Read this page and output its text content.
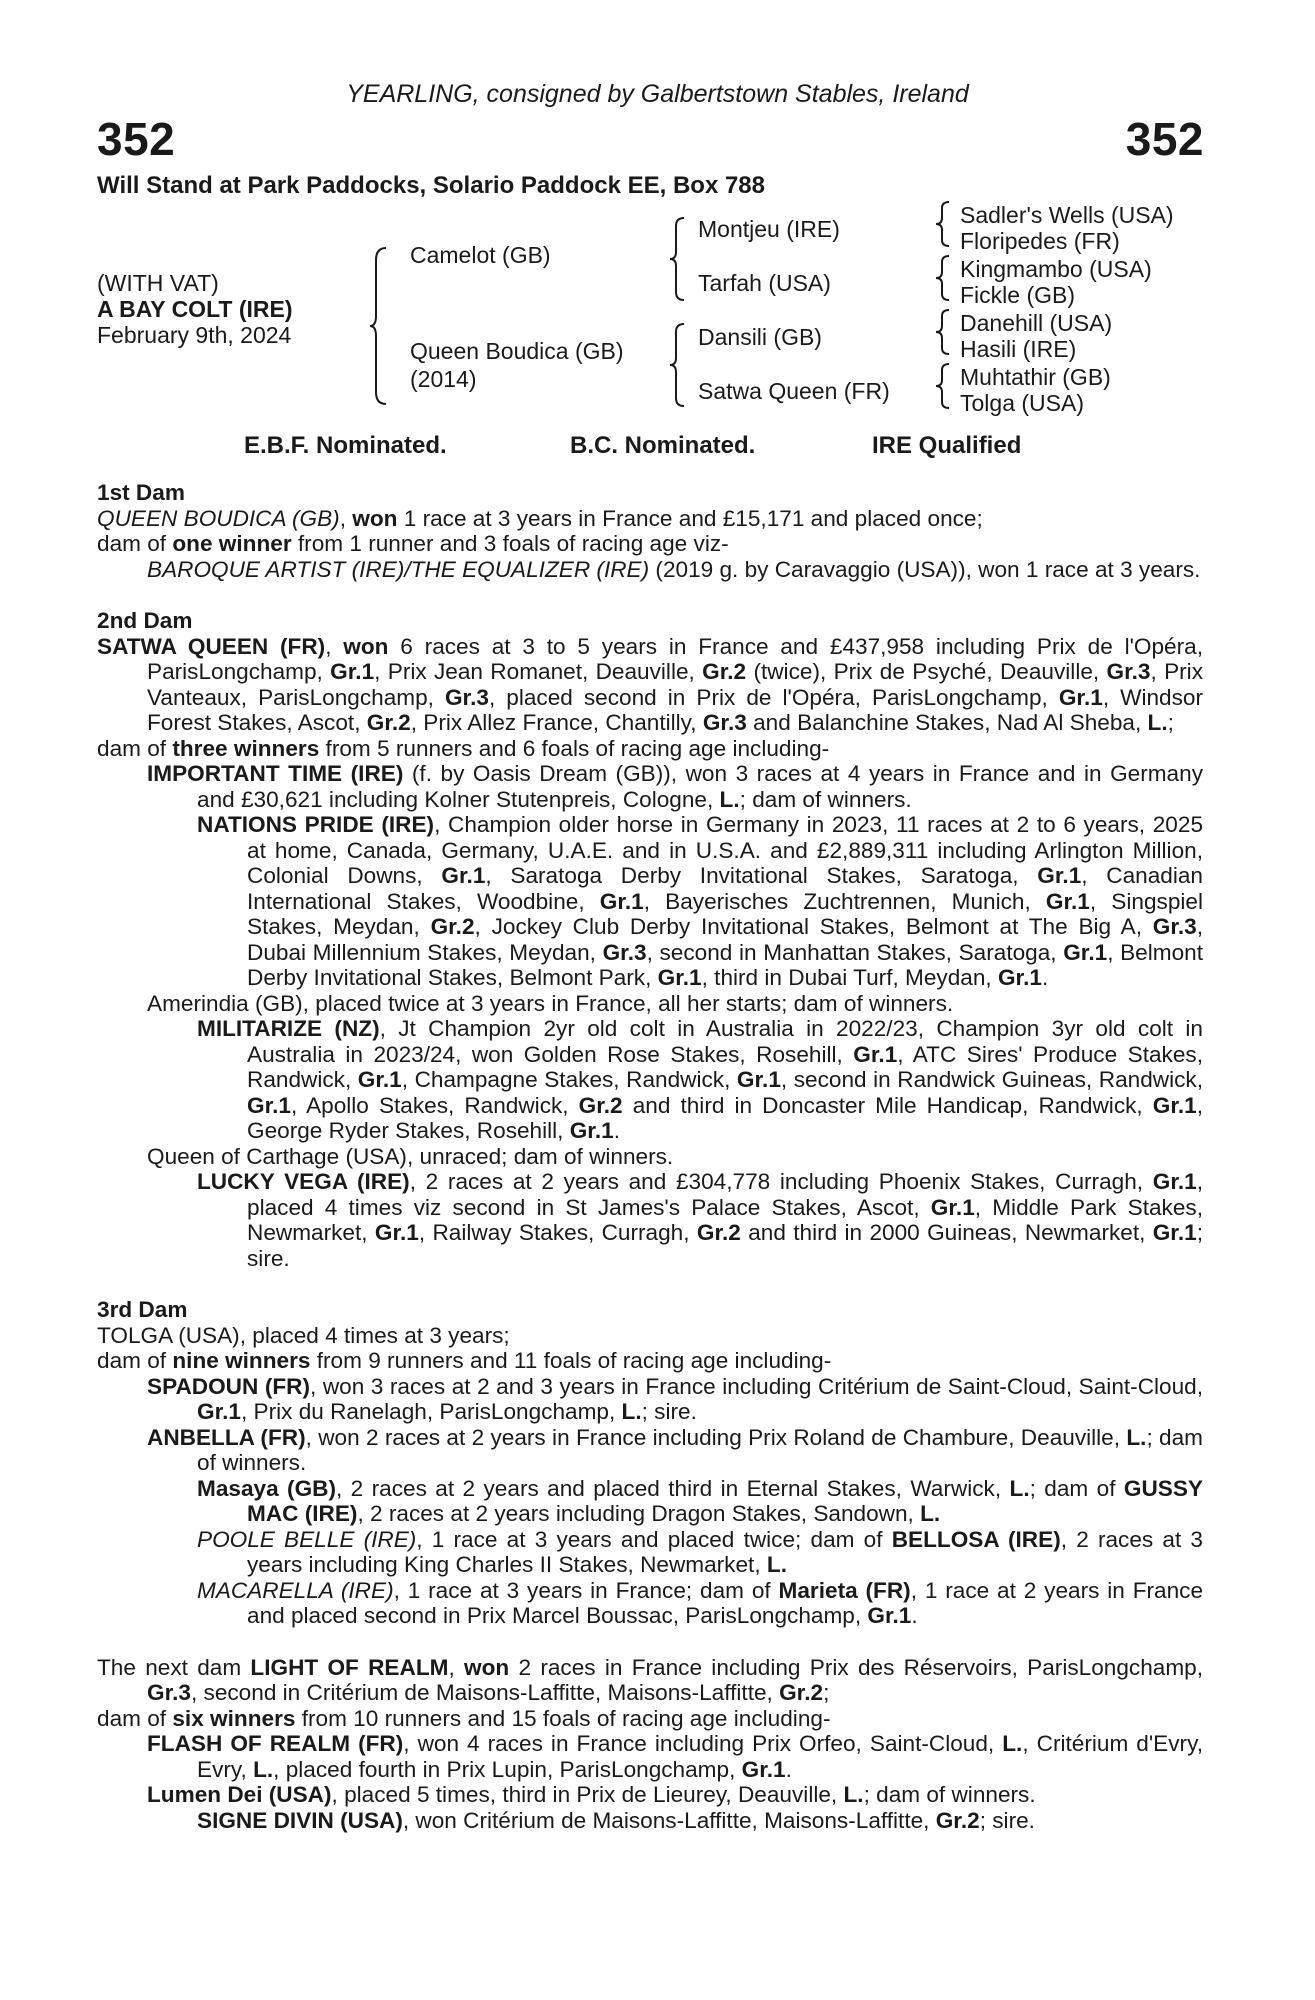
YEARLING, consigned by Galbertstown Stables, Ireland
352	352
Will Stand at Park Paddocks, Solario Paddock EE, Box 788
(WITH VAT)
A BAY COLT (IRE)
February 9th, 2024
Camelot (GB)
Queen Boudica (GB)
(2014)
Montjeu (IRE)
Tarfah (USA)
Dansili (GB)
Satwa Queen (FR)
Sadler's Wells (USA)
Floripedes (FR)
Kingmambo (USA)
Fickle (GB)
Danehill (USA)
Hasili (IRE)
Muhtathir (GB)
Tolga (USA)
E.B.F. Nominated.	B.C. Nominated.	IRE Qualified
1st Dam

QUEEN BOUDICA (GB), won 1 race at 3 years in France and £15,171 and placed once;

dam of one winner from 1 runner and 3 foals of racing age viz-

BAROQUE ARTIST (IRE)/THE EQUALIZER (IRE) (2019 g. by Caravaggio (USA)), won 1 race at 3 years.

2nd Dam

SATWA QUEEN (FR), won 6 races at 3 to 5 years in France and £437,958 including Prix de l'Opéra, ParisLongchamp, Gr.1, Prix Jean Romanet, Deauville, Gr.2 (twice), Prix de Psyché, Deauville, Gr.3, Prix Vanteaux, ParisLongchamp, Gr.3, placed second in Prix de l'Opéra, ParisLongchamp, Gr.1, Windsor Forest Stakes, Ascot, Gr.2, Prix Allez France, Chantilly, Gr.3 and Balanchine Stakes, Nad Al Sheba, L.;

dam of three winners from 5 runners and 6 foals of racing age including-

IMPORTANT TIME (IRE) (f. by Oasis Dream (GB)), won 3 races at 4 years in France and in Germany and £30,621 including Kolner Stutenpreis, Cologne, L.; dam of winners.

NATIONS PRIDE (IRE), Champion older horse in Germany in 2023, 11 races at 2 to 6 years, 2025 at home, Canada, Germany, U.A.E. and in U.S.A. and £2,889,311 including Arlington Million, Colonial Downs, Gr.1, Saratoga Derby Invitational Stakes, Saratoga, Gr.1, Canadian International Stakes, Woodbine, Gr.1, Bayerisches Zuchtrennen, Munich, Gr.1, Singspiel Stakes, Meydan, Gr.2, Jockey Club Derby Invitational Stakes, Belmont at The Big A, Gr.3, Dubai Millennium Stakes, Meydan, Gr.3, second in Manhattan Stakes, Saratoga, Gr.1, Belmont Derby Invitational Stakes, Belmont Park, Gr.1, third in Dubai Turf, Meydan, Gr.1.

Amerindia (GB), placed twice at 3 years in France, all her starts; dam of winners.

MILITARIZE (NZ), Jt Champion 2yr old colt in Australia in 2022/23, Champion 3yr old colt in Australia in 2023/24, won Golden Rose Stakes, Rosehill, Gr.1, ATC Sires' Produce Stakes, Randwick, Gr.1, Champagne Stakes, Randwick, Gr.1, second in Randwick Guineas, Randwick, Gr.1, Apollo Stakes, Randwick, Gr.2 and third in Doncaster Mile Handicap, Randwick, Gr.1, George Ryder Stakes, Rosehill, Gr.1.

Queen of Carthage (USA), unraced; dam of winners.

LUCKY VEGA (IRE), 2 races at 2 years and £304,778 including Phoenix Stakes, Curragh, Gr.1, placed 4 times viz second in St James's Palace Stakes, Ascot, Gr.1, Middle Park Stakes, Newmarket, Gr.1, Railway Stakes, Curragh, Gr.2 and third in 2000 Guineas, Newmarket, Gr.1; sire.

3rd Dam

TOLGA (USA), placed 4 times at 3 years;

dam of nine winners from 9 runners and 11 foals of racing age including-

SPADOUN (FR), won 3 races at 2 and 3 years in France including Critérium de Saint-Cloud, Saint-Cloud, Gr.1, Prix du Ranelagh, ParisLongchamp, L.; sire.

ANBELLA (FR), won 2 races at 2 years in France including Prix Roland de Chambure, Deauville, L.; dam of winners.

Masaya (GB), 2 races at 2 years and placed third in Eternal Stakes, Warwick, L.; dam of GUSSY MAC (IRE), 2 races at 2 years including Dragon Stakes, Sandown, L.

POOLE BELLE (IRE), 1 race at 3 years and placed twice; dam of BELLOSA (IRE), 2 races at 3 years including King Charles II Stakes, Newmarket, L.

MACARELLA (IRE), 1 race at 3 years in France; dam of Marieta (FR), 1 race at 2 years in France and placed second in Prix Marcel Boussac, ParisLongchamp, Gr.1.

The next dam LIGHT OF REALM, won 2 races in France including Prix des Réservoirs, ParisLongchamp, Gr.3, second in Critérium de Maisons-Laffitte, Maisons-Laffitte, Gr.2;

dam of six winners from 10 runners and 15 foals of racing age including-

FLASH OF REALM (FR), won 4 races in France including Prix Orfeo, Saint-Cloud, L., Critérium d'Evry, Evry, L., placed fourth in Prix Lupin, ParisLongchamp, Gr.1.

Lumen Dei (USA), placed 5 times, third in Prix de Lieurey, Deauville, L.; dam of winners.

SIGNE DIVIN (USA), won Critérium de Maisons-Laffitte, Maisons-Laffitte, Gr.2; sire.
